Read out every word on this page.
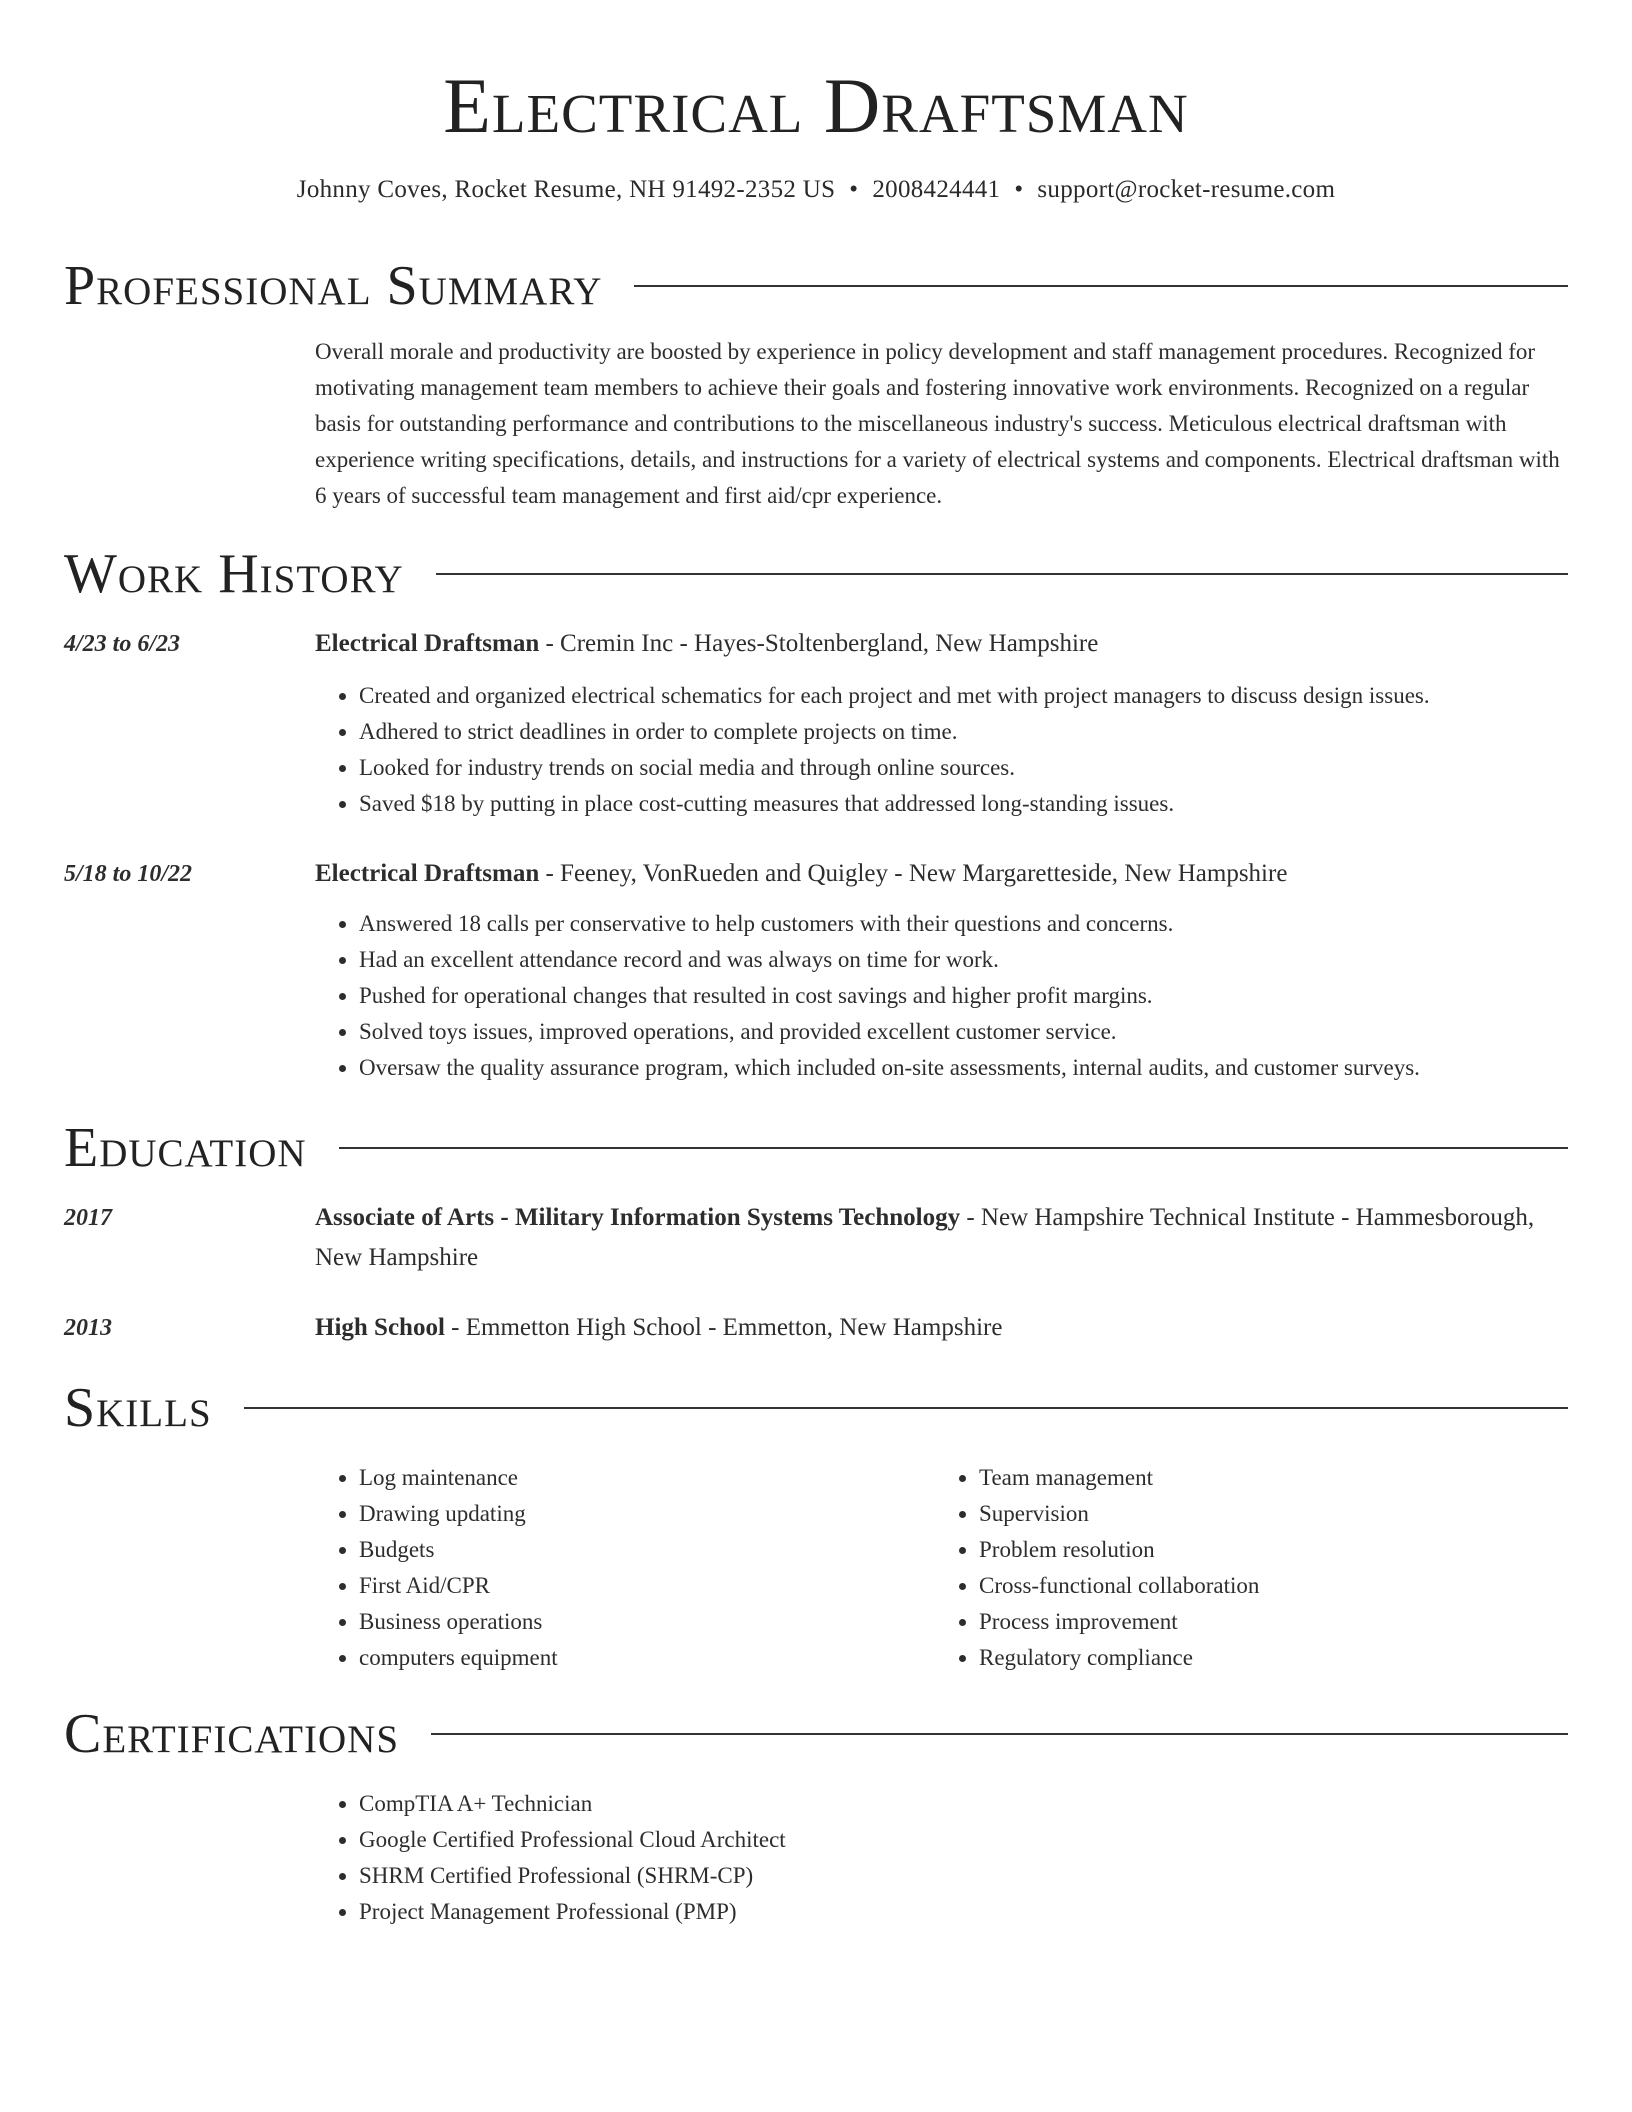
Electrical Draftsman
Johnny Coves, Rocket Resume, NH 91492-2352 US • 2008424441 • support@rocket-resume.com
Professional Summary
Overall morale and productivity are boosted by experience in policy development and staff management procedures. Recognized for motivating management team members to achieve their goals and fostering innovative work environments. Recognized on a regular basis for outstanding performance and contributions to the miscellaneous industry's success. Meticulous electrical draftsman with experience writing specifications, details, and instructions for a variety of electrical systems and components. Electrical draftsman with 6 years of successful team management and first aid/cpr experience.
Work History
4/23 to 6/23	Electrical Draftsman - Cremin Inc - Hayes-Stoltenbergland, New Hampshire
• Created and organized electrical schematics for each project and met with project managers to discuss design issues.
• Adhered to strict deadlines in order to complete projects on time.
• Looked for industry trends on social media and through online sources.
• Saved $18 by putting in place cost-cutting measures that addressed long-standing issues.
5/18 to 10/22	Electrical Draftsman - Feeney, VonRueden and Quigley - New Margaretteside, New Hampshire
• Answered 18 calls per conservative to help customers with their questions and concerns.
• Had an excellent attendance record and was always on time for work.
• Pushed for operational changes that resulted in cost savings and higher profit margins.
• Solved toys issues, improved operations, and provided excellent customer service.
• Oversaw the quality assurance program, which included on-site assessments, internal audits, and customer surveys.
Education
2017	Associate of Arts - Military Information Systems Technology - New Hampshire Technical Institute - Hammesborough, New Hampshire
2013	High School - Emmetton High School - Emmetton, New Hampshire
Skills
• Log maintenance
• Drawing updating
• Budgets
• First Aid/CPR
• Business operations
• computers equipment
• Team management
• Supervision
• Problem resolution
• Cross-functional collaboration
• Process improvement
• Regulatory compliance
Certifications
• CompTIA A+ Technician
• Google Certified Professional Cloud Architect
• SHRM Certified Professional (SHRM-CP)
• Project Management Professional (PMP)
